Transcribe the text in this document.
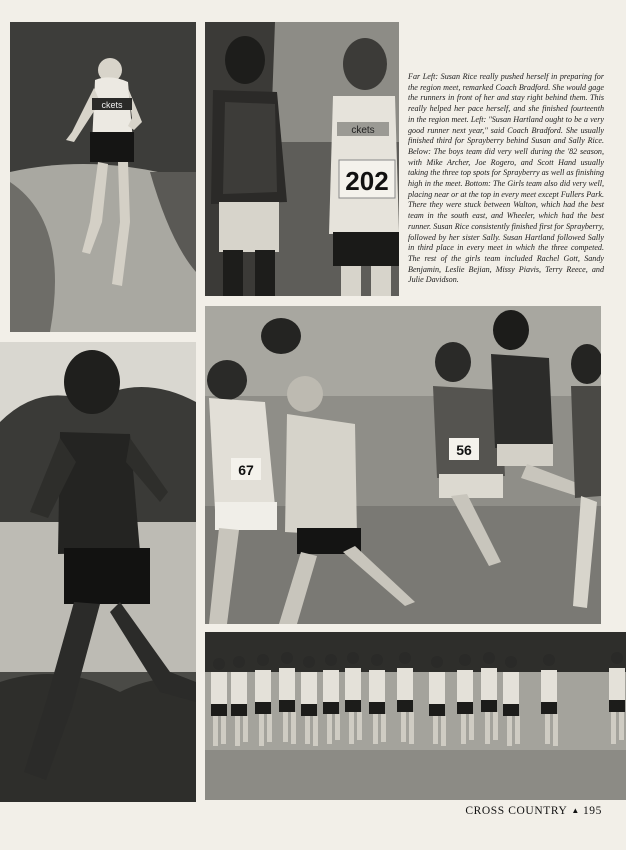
ckets
ckets
202
Far Left: Susan Rice really pushed herself in preparing for the region meet, remarked Coach Bradford. She would gage the runners in front of her and stay right behind them. This really helped her pace herself, and she finished fourteenth in the region meet. Left: "Susan Hartland ought to be a very good runner next year," said Coach Bradford. She usually finished third for Sprayberry behind Susan and Sally Rice. Below: The boys team did very well during the '82 season, with Mike Archer, Joe Rogero, and Scott Hand usually taking the three top spots for Sprayberry as well as finishing high in the meet. Bottom: The Girls team also did very well, placing near or at the top in every meet except Fullers Park. There they were stuck between Walton, which had the best team in the south east, and Wheeler, which had the best runner. Susan Rice consistently finished first for Sprayberry, followed by her sister Sally. Susan Hartland followed Sally in third place in every meet in which the three competed. The rest of the girls team included Rachel Gott, Sandy Benjamin, Leslie Bejian, Missy Piavis, Terry Reece, and Julie Davidson.
67
56
CROSS COUNTRY ▲ 195
